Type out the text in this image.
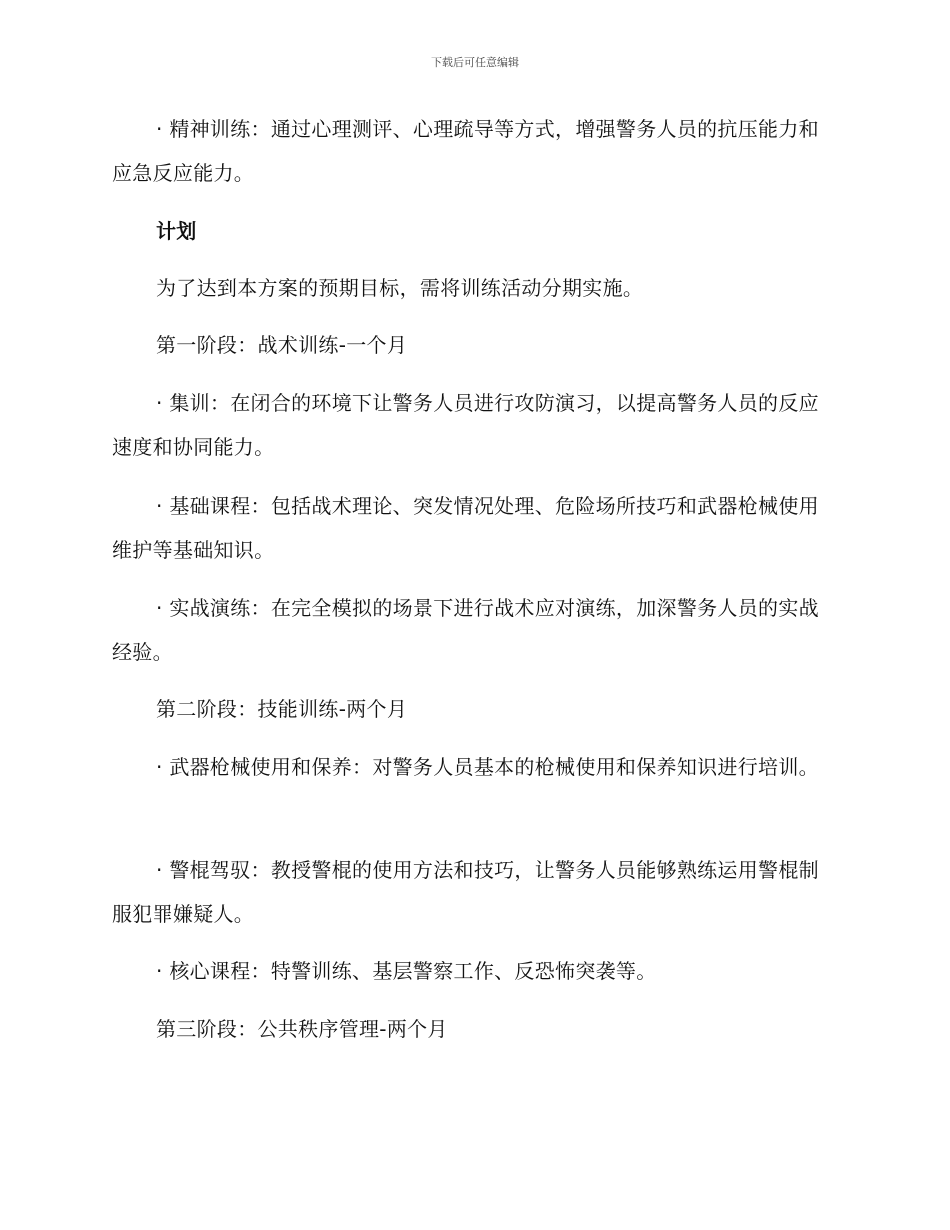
下载后可任意编辑

· 精神训练：通过心理测评、心理疏导等方式，增强警务人员的抗压能力和应急反应能力。

计划

为了达到本方案的预期目标，需将训练活动分期实施。

第一阶段：战术训练-一个月

· 集训：在闭合的环境下让警务人员进行攻防演习，以提高警务人员的反应速度和协同能力。

· 基础课程：包括战术理论、突发情况处理、危险场所技巧和武器枪械使用维护等基础知识。

· 实战演练：在完全模拟的场景下进行战术应对演练，加深警务人员的实战经验。

第二阶段：技能训练-两个月

· 武器枪械使用和保养：对警务人员基本的枪械使用和保养知识进行培训。

· 警棍驾驭：教授警棍的使用方法和技巧，让警务人员能够熟练运用警棍制服犯罪嫌疑人。

· 核心课程：特警训练、基层警察工作、反恐怖突袭等。

第三阶段：公共秩序管理-两个月
